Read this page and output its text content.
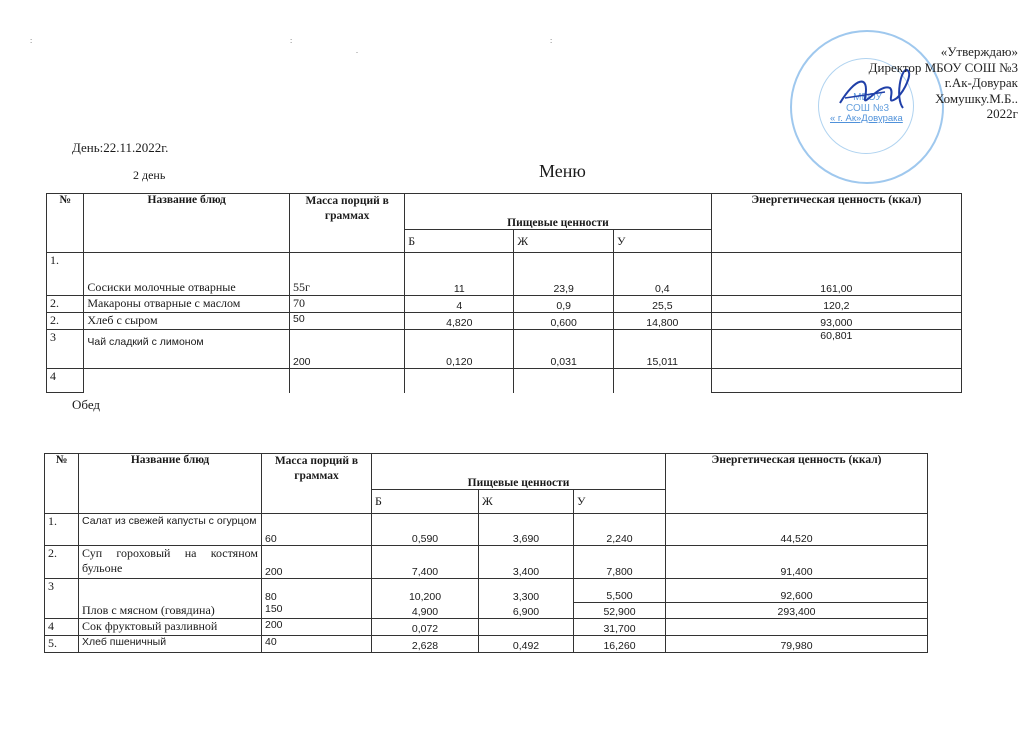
:	:
.
:
МБОУ
СОШ №3
«Утверждаю»
Директор МБОУ СОШ №3
г.Ак-Довурак
Хомушку.М.Б..
2022г
« г. Ак»Довурака
День:22.11.2022г.
2 день	Меню
№	Название блюд	Масса порций в граммах	Пищевые ценности			Энергетическая ценность (ккал)
			Б	Ж	У	
1.	Сосиски молочные отварные	55г	11	23,9	0,4	161,00
2.	Макароны отварные с маслом	70	4	0,9	25,5	120,2
2.	Хлеб с сыром	50	4,820	0,600	14,800	93,000
3	Чай сладкий с лимоном	200	0,120	0,031	15,011	60,801
4						
Обед
№	Название блюд	Масса порций в граммах	Пищевые ценности			Энергетическая ценность (ккал)
			Б	Ж	У	
1.	Салат из свежей капусты с огурцом	60	0,590	3,690	2,240	44,520
2.	Суп гороховый на костяном бульоне	200	7,400	3,400	7,800	91,400
3	Плов с мясном (говядина)	80	10,200	3,300	5,500	92,600
		150	4,900	6,900	52,900	293,400
4	Сок фруктовый разливной	200	0,072		31,700	
5.	Хлеб пшеничный	40	2,628	0,492	16,260	79,980
